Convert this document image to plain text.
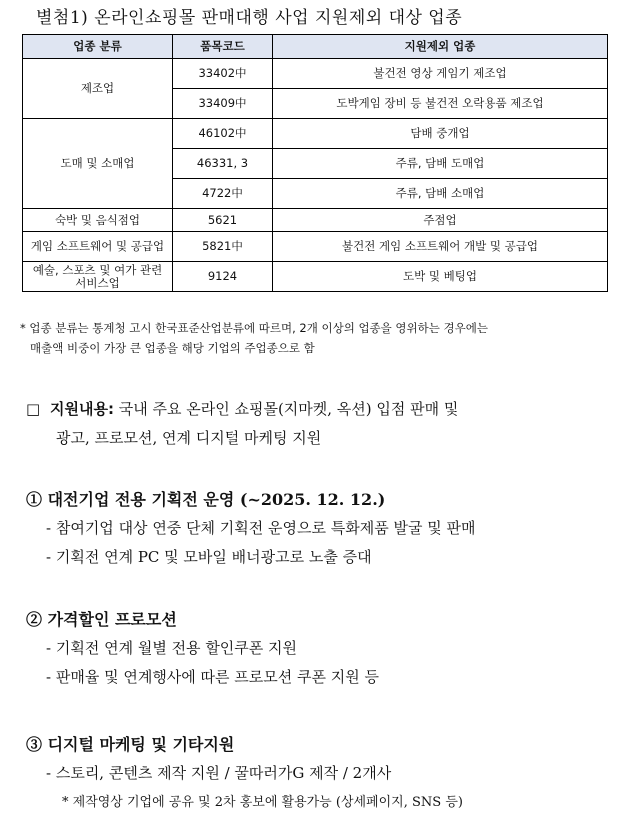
별첨1) 온라인쇼핑몰 판매대행 사업 지원제외 대상 업종
업종 분류	품목코드	지원제외 업종
제조업	33402中	불건전 영상 게임기 제조업
	33409中	도박게임 장비 등 불건전 오락용품 제조업
도매 및 소매업	46102中	담배 중개업
	46331, 3	주류, 담배 도매업
	4722中	주류, 담배 소매업
숙박 및 음식점업	5621	주점업
게임 소프트웨어 및 공급업	5821中	불건전 게임 소프트웨어 개발 및 공급업
예술, 스포츠 및 여가 관련 서비스업	9124	도박 및 베팅업
* 업종 분류는 통계청 고시 한국표준산업분류에 따르며, 2개 이상의 업종을 영위하는 경우에는
매출액 비중이 가장 큰 업종을 해당 기업의 주업종으로 함
□ 지원내용: 국내 주요 온라인 쇼핑몰(지마켓, 옥션) 입점 판매 및
광고, 프로모션, 연계 디지털 마케팅 지원
① 대전기업 전용 기획전 운영 (~2025. 12. 12.)
- 참여기업 대상 연중 단체 기획전 운영으로 특화제품 발굴 및 판매
- 기획전 연계 PC 및 모바일 배너광고로 노출 증대
② 가격할인 프로모션
- 기획전 연계 월별 전용 할인쿠폰 지원
- 판매율 및 연계행사에 따른 프로모션 쿠폰 지원 등
③ 디지털 마케팅 및 기타지원
- 스토리, 콘텐츠 제작 지원 / 꿀따러가G 제작 / 2개사
* 제작영상 기업에 공유 및 2차 홍보에 활용가능 (상세페이지, SNS 등)
